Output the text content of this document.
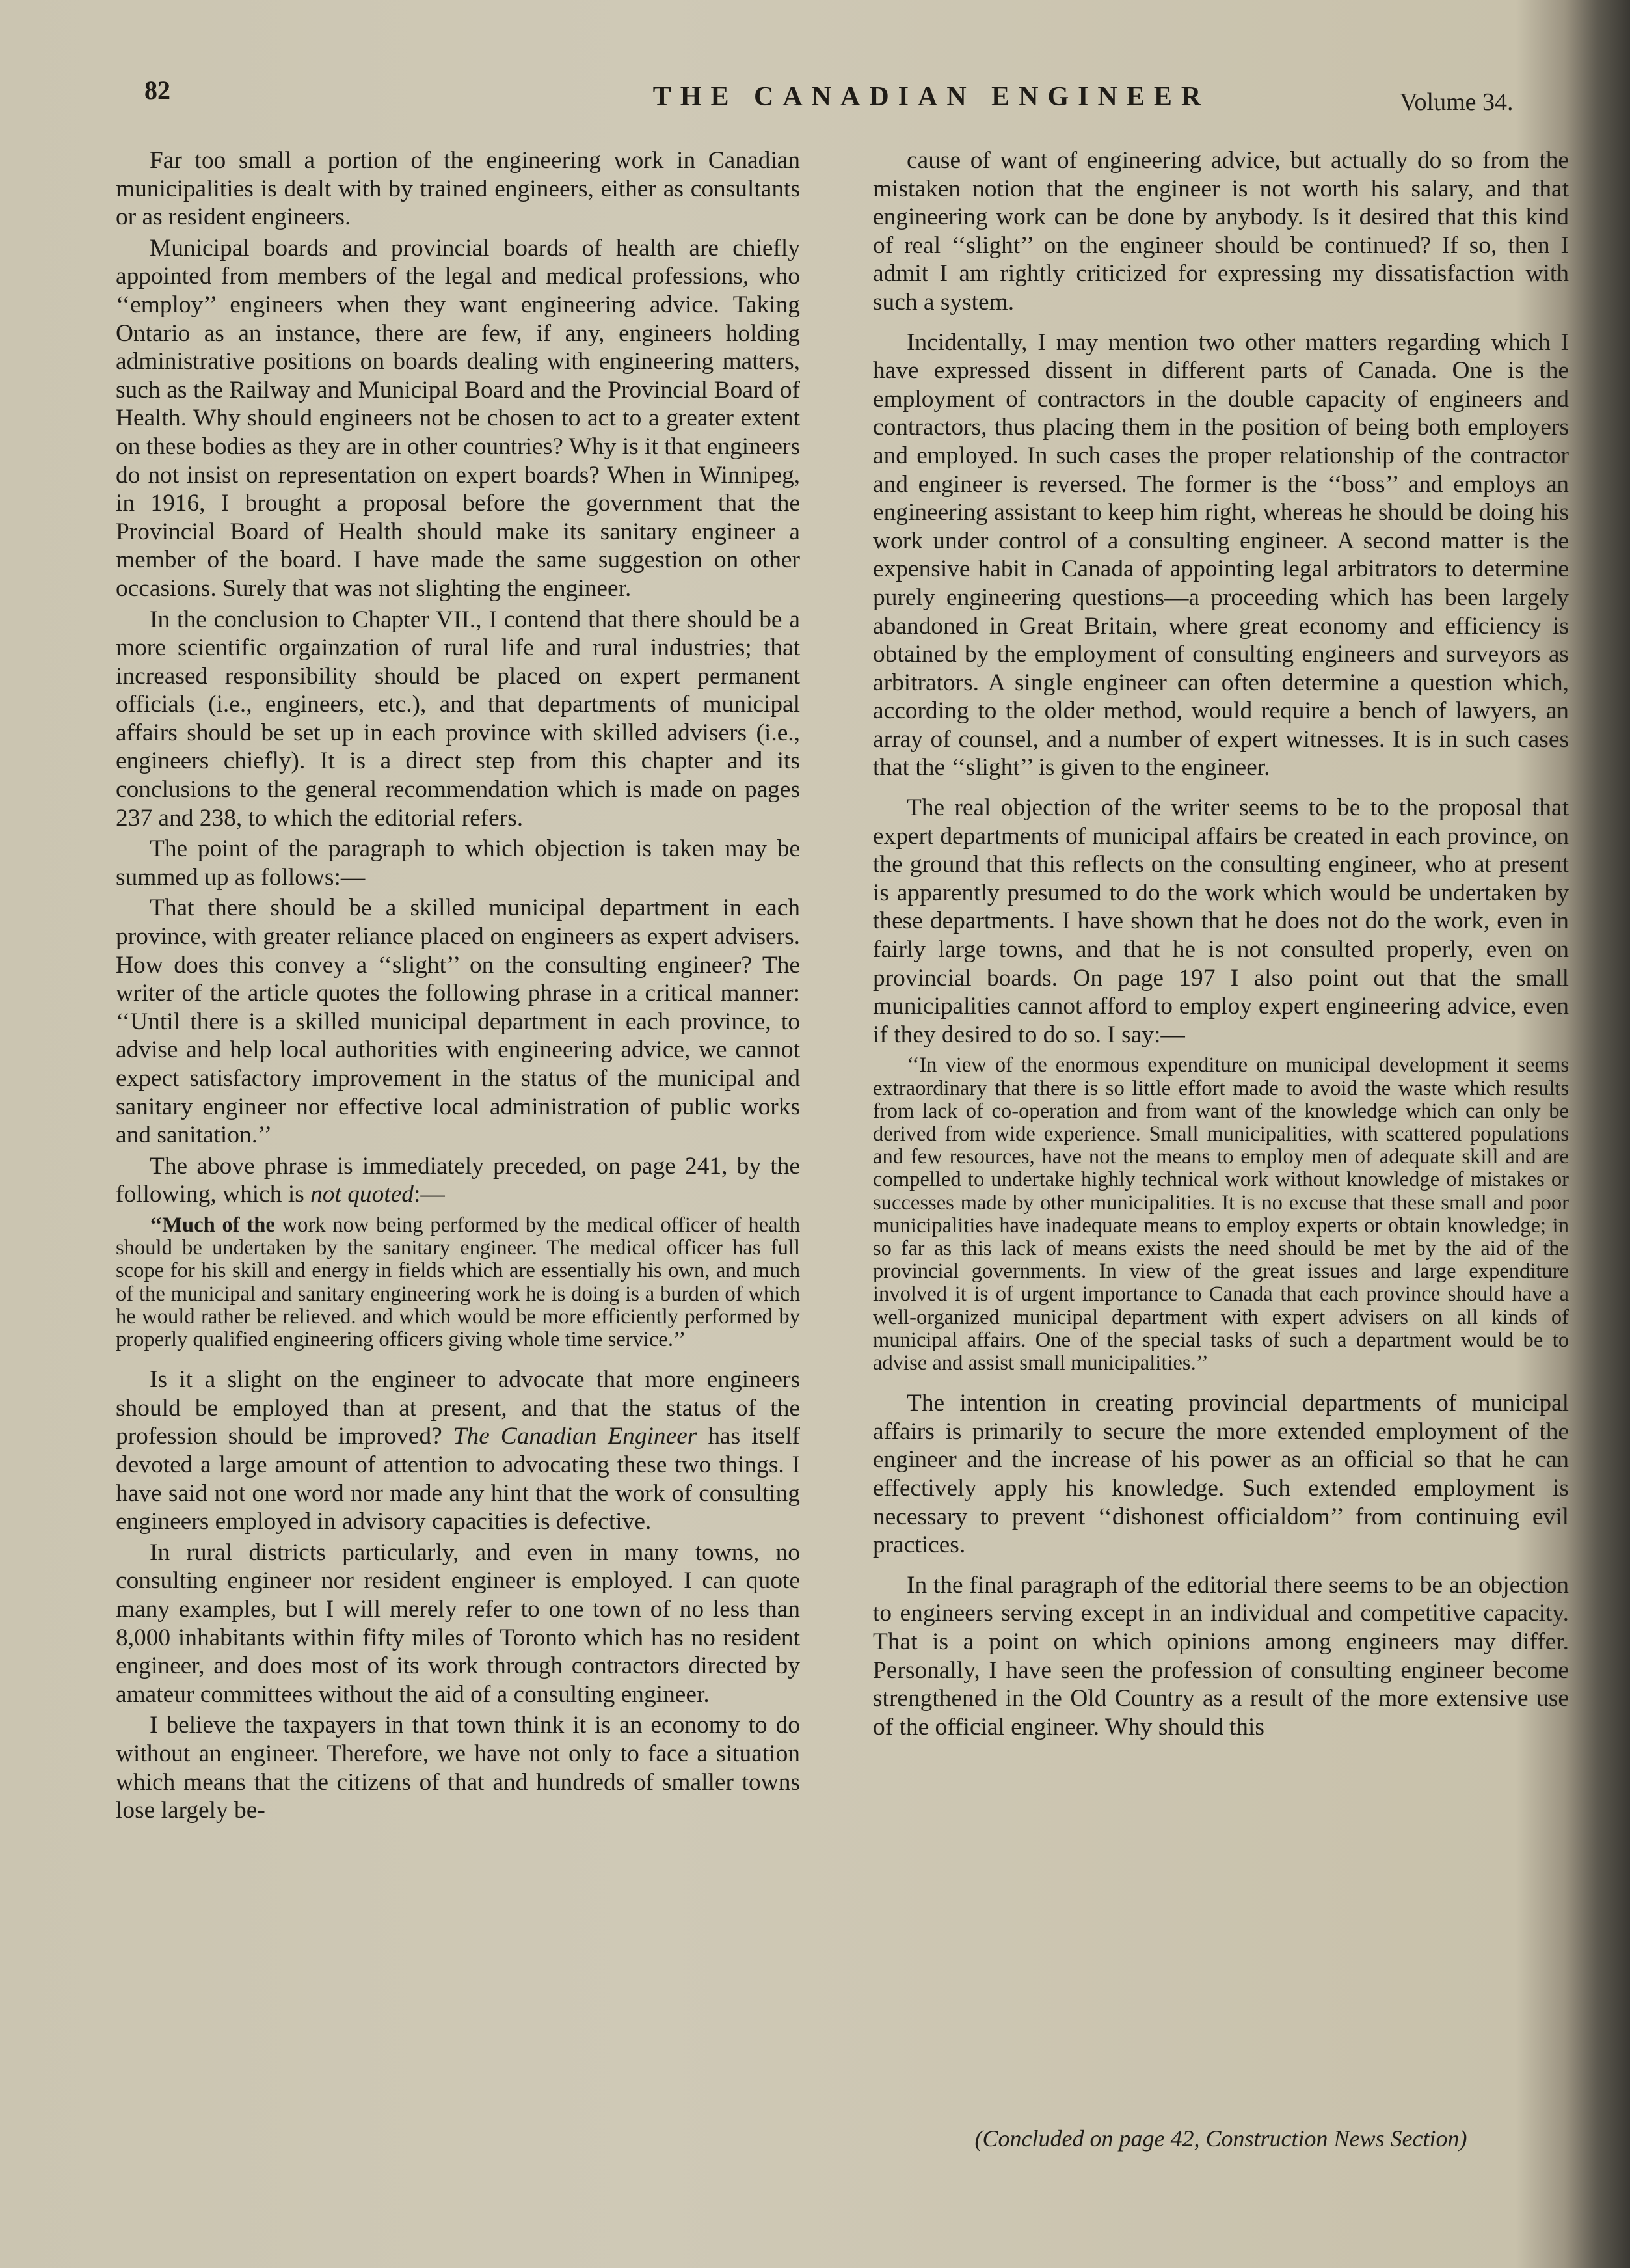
82	THE CANADIAN ENGINEER	Volume 34.

Far too small a portion of the engineering work in Canadian municipalities is dealt with by trained engineers, either as consultants or as resident engineers.

Municipal boards and provincial boards of health are chiefly appointed from members of the legal and medical professions, who ‘‘employ’’ engineers when they want engineering advice. Taking Ontario as an instance, there are few, if any, engineers holding administrative positions on boards dealing with engineering matters, such as the Railway and Municipal Board and the Provincial Board of Health. Why should engineers not be chosen to act to a greater extent on these bodies as they are in other countries? Why is it that engineers do not insist on representation on expert boards? When in Winnipeg, in 1916, I brought a proposal before the government that the Provincial Board of Health should make its sanitary engineer a member of the board. I have made the same suggestion on other occasions. Surely that was not slighting the engineer.

In the conclusion to Chapter VII., I contend that there should be a more scientific orgainzation of rural life and rural industries; that increased responsibility should be placed on expert permanent officials (i.e., engineers, etc.), and that departments of municipal affairs should be set up in each province with skilled advisers (i.e., engineers chiefly). It is a direct step from this chapter and its conclusions to the general recommendation which is made on pages 237 and 238, to which the editorial refers.

The point of the paragraph to which objection is taken may be summed up as follows:—

That there should be a skilled municipal department in each province, with greater reliance placed on engineers as expert advisers. How does this convey a ‘‘slight’’ on the consulting engineer? The writer of the article quotes the following phrase in a critical manner: ‘‘Until there is a skilled municipal department in each province, to advise and help local authorities with engineering advice, we cannot expect satisfactory improvement in the status of the municipal and sanitary engineer nor effective local administration of public works and sanitation.’’

The above phrase is immediately preceded, on page 241, by the following, which is not quoted:—

‘‘Much of the work now being performed by the medical officer of health should be undertaken by the sanitary engineer. The medical officer has full scope for his skill and energy in fields which are essentially his own, and much of the municipal and sanitary engineering work he is doing is a burden of which he would rather be relieved. and which would be more efficiently performed by properly qualified engineering officers giving whole time service.’’

Is it a slight on the engineer to advocate that more engineers should be employed than at present, and that the status of the profession should be improved? The Canadian Engineer has itself devoted a large amount of attention to advocating these two things. I have said not one word nor made any hint that the work of consulting engineers employed in advisory capacities is defective.

In rural districts particularly, and even in many towns, no consulting engineer nor resident engineer is employed. I can quote many examples, but I will merely refer to one town of no less than 8,000 inhabitants within fifty miles of Toronto which has no resident engineer, and does most of its work through contractors directed by amateur committees without the aid of a consulting engineer.

I believe the taxpayers in that town think it is an economy to do without an engineer. Therefore, we have not only to face a situation which means that the citizens of that and hundreds of smaller towns lose largely be-

cause of want of engineering advice, but actually do so from the mistaken notion that the engineer is not worth his salary, and that engineering work can be done by anybody. Is it desired that this kind of real ‘‘slight’’ on the engineer should be continued? If so, then I admit I am rightly criticized for expressing my dissatisfaction with such a system.

Incidentally, I may mention two other matters regarding which I have expressed dissent in different parts of Canada. One is the employment of contractors in the double capacity of engineers and contractors, thus placing them in the position of being both employers and employed. In such cases the proper relationship of the contractor and engineer is reversed. The former is the ‘‘boss’’ and employs an engineering assistant to keep him right, whereas he should be doing his work under control of a consulting engineer. A second matter is the expensive habit in Canada of appointing legal arbitrators to determine purely engineering questions—a proceeding which has been largely abandoned in Great Britain, where great economy and efficiency is obtained by the employment of consulting engineers and surveyors as arbitrators. A single engineer can often determine a question which, according to the older method, would require a bench of lawyers, an array of counsel, and a number of expert witnesses. It is in such cases that the ‘‘slight’’ is given to the engineer.

The real objection of the writer seems to be to the proposal that expert departments of municipal affairs be created in each province, on the ground that this reflects on the consulting engineer, who at present is apparently presumed to do the work which would be undertaken by these departments. I have shown that he does not do the work, even in fairly large towns, and that he is not consulted properly, even on provincial boards. On page 197 I also point out that the small municipalities cannot afford to employ expert engineering advice, even if they desired to do so. I say:—

‘‘In view of the enormous expenditure on municipal development it seems extraordinary that there is so little effort made to avoid the waste which results from lack of co-operation and from want of the knowledge which can only be derived from wide experience. Small municipalities, with scattered populations and few resources, have not the means to employ men of adequate skill and are compelled to undertake highly technical work without knowledge of mistakes or successes made by other municipalities. It is no excuse that these small and poor municipalities have inadequate means to employ experts or obtain knowledge; in so far as this lack of means exists the need should be met by the aid of the provincial governments. In view of the great issues and large expenditure involved it is of urgent importance to Canada that each province should have a well-organized municipal department with expert advisers on all kinds of municipal affairs. One of the special tasks of such a department would be to advise and assist small municipalities.’’

The intention in creating provincial departments of municipal affairs is primarily to secure the more extended employment of the engineer and the increase of his power as an official so that he can effectively apply his knowledge. Such extended employment is necessary to prevent ‘‘dishonest officialdom’’ from continuing evil practices.

In the final paragraph of the editorial there seems to be an objection to engineers serving except in an individual and competitive capacity. That is a point on which opinions among engineers may differ. Personally, I have seen the profession of consulting engineer become strengthened in the Old Country as a result of the more extensive use of the official engineer. Why should this

(Concluded on page 42, Construction News Section)
